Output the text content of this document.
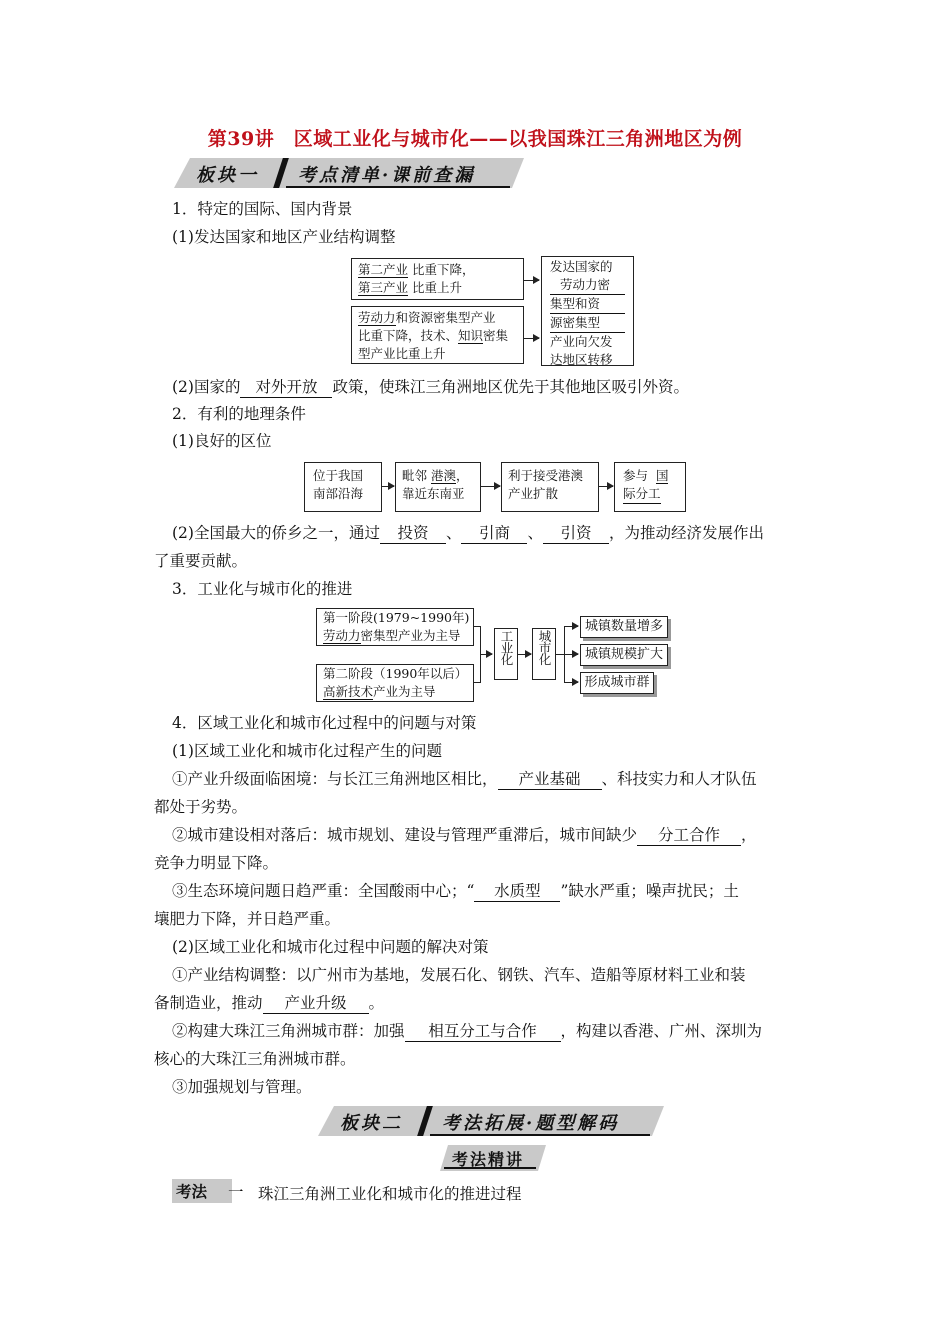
第39讲　区域工业化与城市化——以我国珠江三角洲地区为例
板块一 考点清单·课前查漏
1．特定的国际、国内背景
(1)发达国家和地区产业结构调整
第二产业 比重下降，
第三产业 比重上升
劳动力和资源密集型产业
比重下降，技术、知识密集
型产业比重上升
发达国家的
劳动力密
集型和资
源密集型
产业向欠发
达地区转移
(2)国家的 对外开放 政策，使珠江三角洲地区优先于其他地区吸引外资。
2．有利的地理条件
(1)良好的区位
位于我国
南部沿海
毗邻 港澳，
靠近东南亚
利于接受港澳
产业扩散
参与 国
际分工
(2)全国最大的侨乡之一，通过 投资 、 引商 、 引资 ，为推动经济发展作出
了重要贡献。
3．工业化与城市化的推进
第一阶段(1979~1990年)
劳动力密集型产业为主导
第二阶段（1990年以后）
高新技术产业为主导
工业化	城市化
城镇数量增多
城镇规模扩大
形成城市群
4．区域工业化和城市化过程中的问题与对策
(1)区域工业化和城市化过程产生的问题
①产业升级面临困境：与长江三角洲地区相比， 产业基础 、科技实力和人才队伍
都处于劣势。
②城市建设相对落后：城市规划、建设与管理严重滞后，城市间缺少 分工合作 ，
竞争力明显下降。
③生态环境问题日趋严重：全国酸雨中心；“ 水质型 ”缺水严重；噪声扰民；土
壤肥力下降，并日趋严重。
(2)区域工业化和城市化过程中问题的解决对策
①产业结构调整：以广州市为基地，发展石化、钢铁、汽车、造船等原材料工业和装
备制造业，推动 产业升级 。
②构建大珠江三角洲城市群：加强 相互分工与合作 ，构建以香港、广州、深圳为
核心的大珠江三角洲城市群。
③加强规划与管理。
板块二 考法拓展·题型解码
考法精讲
考法 一 珠江三角洲工业化和城市化的推进过程
